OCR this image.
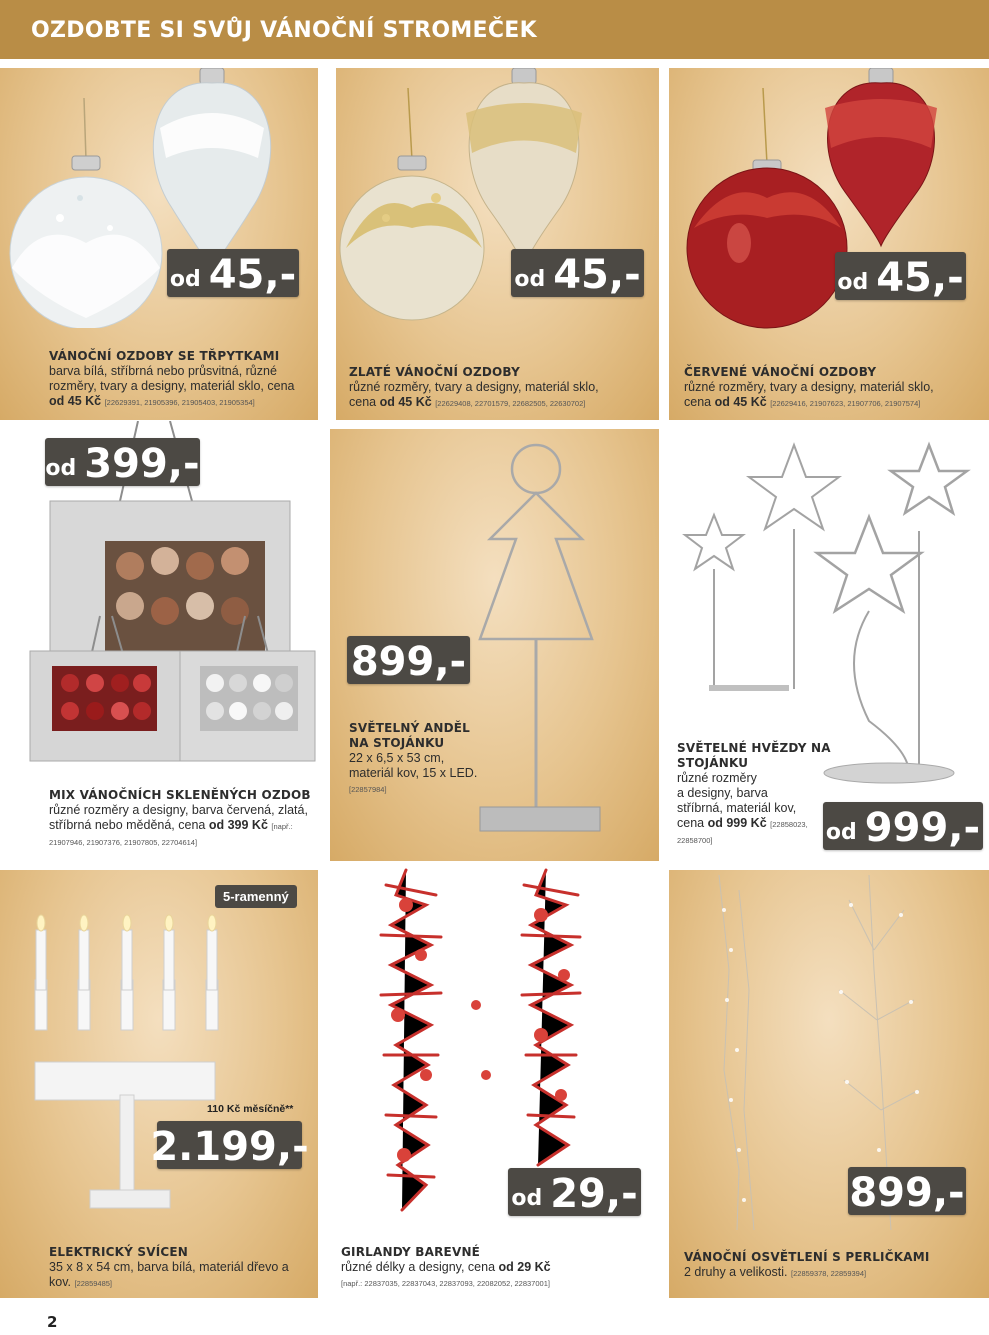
OZDOBTE SI SVŮJ VÁNOČNÍ STROMEČEK
od 45,-
VÁNOČNÍ OZDOBY SE TŘPYTKAMI
barva bílá, stříbrná nebo průsvitná, různé rozměry, tvary a designy, materiál sklo, cena od 45 Kč [22629391, 21905396, 21905403, 21905354]
od 45,-
ZLATÉ VÁNOČNÍ OZDOBY
různé rozměry, tvary a designy, materiál sklo,
cena od 45 Kč [22629408, 22701579, 22682505, 22630702]
od 45,-
ČERVENÉ VÁNOČNÍ OZDOBY
různé rozměry, tvary a designy, materiál sklo,
cena od 45 Kč [22629416, 21907623, 21907706, 21907574]
od 399,-
MIX VÁNOČNÍCH SKLENĚNÝCH OZDOB
různé rozměry a designy, barva červená, zlatá, stříbrná nebo měděná, cena od 399 Kč [např.: 21907946, 21907376, 21907805, 22704614]
899,-
SVĚTELNÝ ANDĚL
NA STOJÁNKU
22 x 6,5 x 53 cm,
materiál kov, 15 x LED.
[22857984]
od 999,-
SVĚTELNÉ HVĚZDY NA
STOJÁNKU
různé rozměry
a designy, barva
stříbrná, materiál kov,
cena od 999 Kč [22858023, 22858700]
5-ramenný
110 Kč měsíčně**
2.199,-
ELEKTRICKÝ SVÍCEN
35 x 8 x 54 cm, barva bílá, materiál dřevo a kov. [22859485]
od 29,-
GIRLANDY BAREVNÉ
různé délky a designy, cena od 29 Kč
[např.: 22837035, 22837043, 22837093, 22082052, 22837001]
899,-
VÁNOČNÍ OSVĚTLENÍ S PERLIČKAMI
2 druhy a velikosti. [22859378, 22859394]
2
